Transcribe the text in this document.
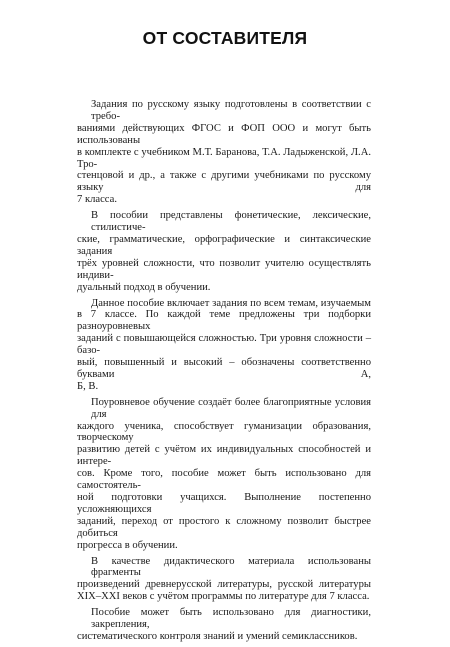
ОТ СОСТАВИТЕЛЯ

Задания по русскому языку подготовлены в соответствии с требо-
ваниями действующих ФГОС и ФОП ООО и могут быть использованы
в комплекте с учебником М.Т. Баранова, Т.А. Ладыженской, Л.А. Тро-
стенцовой и др., а также с другими учебниками по русскому языку для
7 класса.

В пособии представлены фонетические, лексические, стилистиче-
ские, грамматические, орфографические и синтаксические задания
трёх уровней сложности, что позволит учителю осуществлять индиви-
дуальный подход в обучении.

Данное пособие включает задания по всем темам, изучаемым
в 7 классе. По каждой теме предложены три подборки разноуровневых
заданий с повышающейся сложностью. Три уровня сложности – базо-
вый, повышенный и высокий – обозначены соответственно буквами А,
Б, В.

Поуровневое обучение создаёт более благоприятные условия для
каждого ученика, способствует гуманизации образования, творческому
развитию детей с учётом их индивидуальных способностей и интере-
сов. Кроме того, пособие может быть использовано для самостоятель-
ной подготовки учащихся. Выполнение постепенно усложняющихся
заданий, переход от простого к сложному позволит быстрее добиться
прогресса в обучении.

В качестве дидактического материала использованы фрагменты
произведений древнерусской литературы, русской литературы
XIX–XXI веков с учётом программы по литературе для 7 класса.

Пособие может быть использовано для диагностики, закрепления,
систематического контроля знаний и умений семиклассников.
